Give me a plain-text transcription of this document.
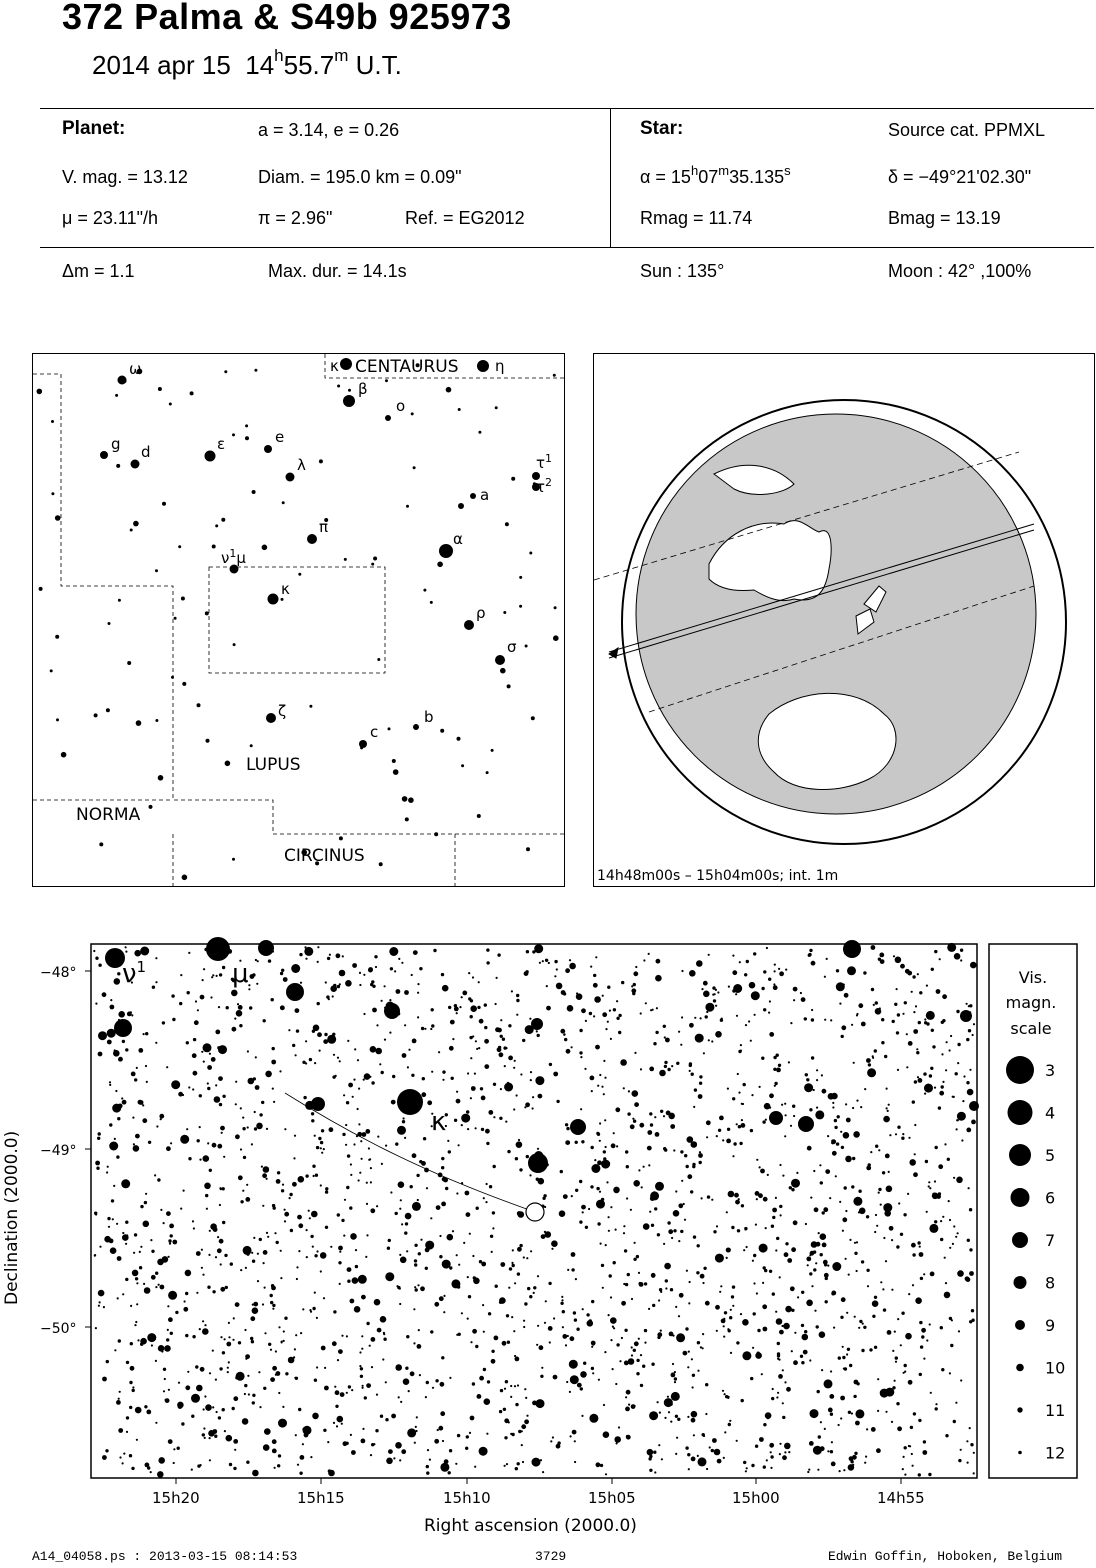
372 Palma & S49b 925973
2014 apr 15 14$^h$55.7$^m$ U.T.
Planet:	a = 3.14, e = 0.26
V. mag. = 13.12	Diam. = 195.0 km = 0.09"
μ = 23.11"/h	π = 2.96"	Ref. = EG2012
Star:	Source cat. PPMXL
$\alpha = 15^h07^m35.135^s$	δ = −49°21'02.30"
Rmag = 11.74	Bmag = 13.19
Δm = 1.1	Max. dur. = 14.1s	Sun : 135°	Moon : 42° ,100%
κ	η
ω
β
o
g d	ε	e
λ	$\tau^1$
$\tau^2$
a
π
α
$\nu^1\mu$
κ
ρ
σ
ζ	b
c
CENTAURUS
LUPUS
NORMA
CIRCINUS
14h48m00s – 15h04m00s; int. 1m
$\nu^1$	μ
κ
−48°
−49°
−50°
15h20	15h15	15h10	15h05	15h00	14h55
Right ascension (2000.0)
Declination (2000.0)
Vis.
magn.
scale
3
4
5
6
7
8
9
10
11
12
A14_04058.ps : 2013-03-15 08:14:53	3729	Edwin Goffin, Hoboken, Belgium
